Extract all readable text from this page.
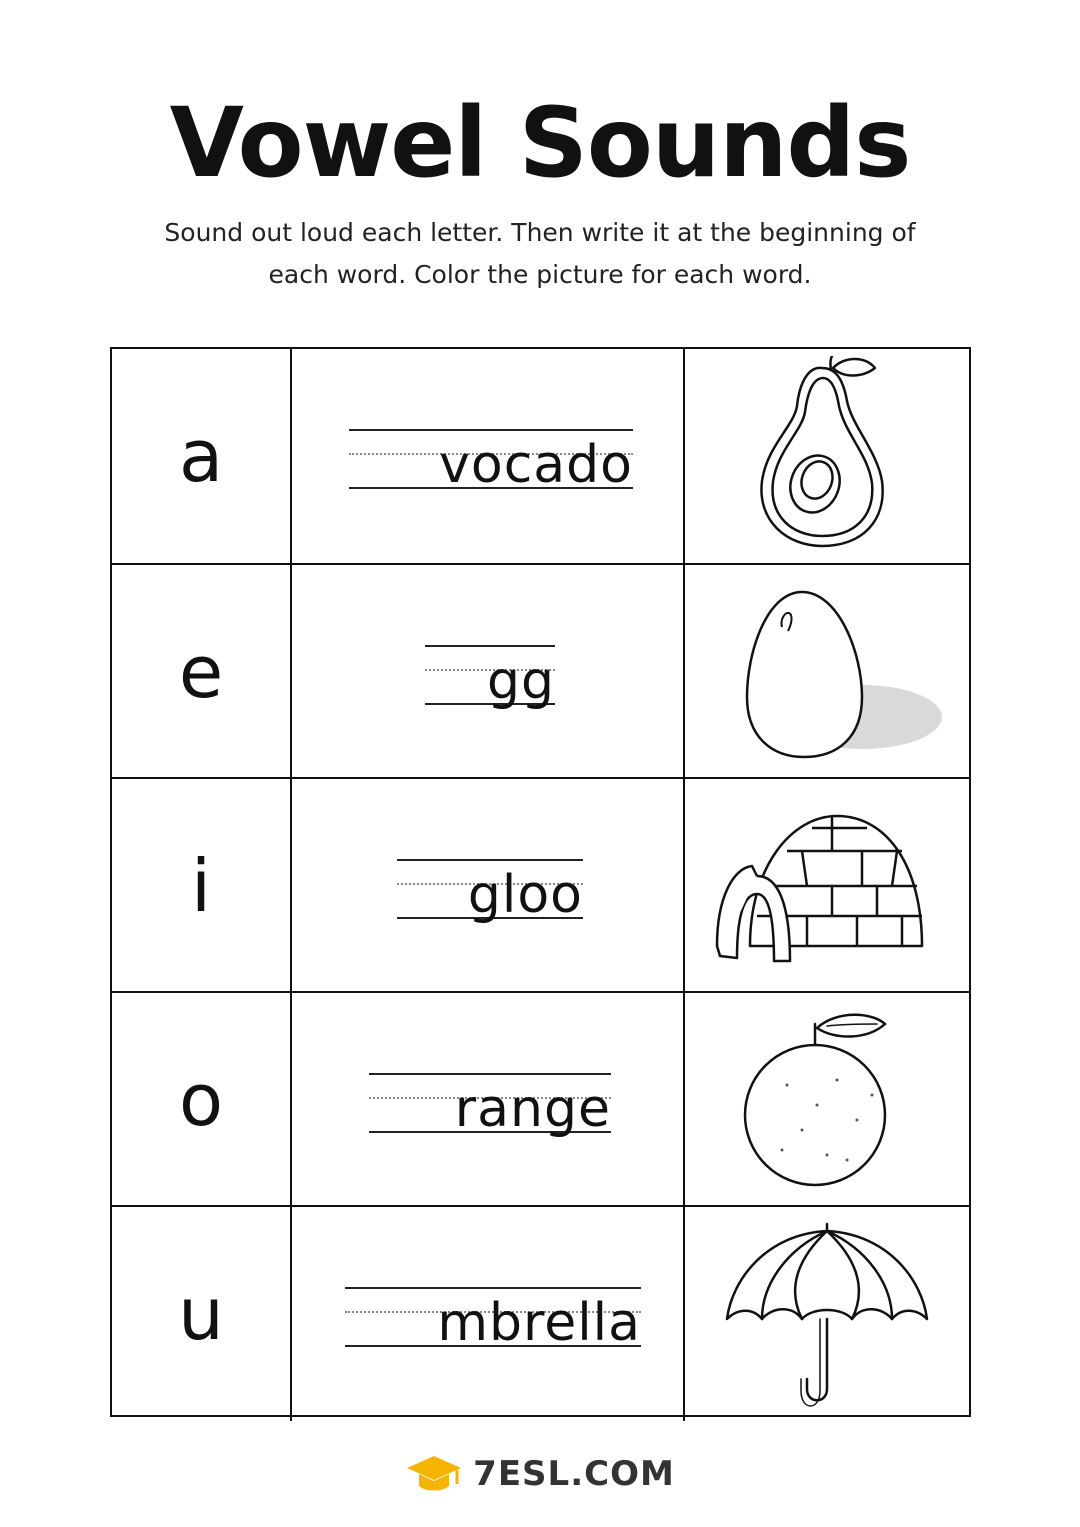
Vowel Sounds
Sound out loud each letter. Then write it at the beginning of
each word. Color the picture for each word.
a	vocado
e	gg
i	gloo
o	range
u	mbrella
7ESL.COM
